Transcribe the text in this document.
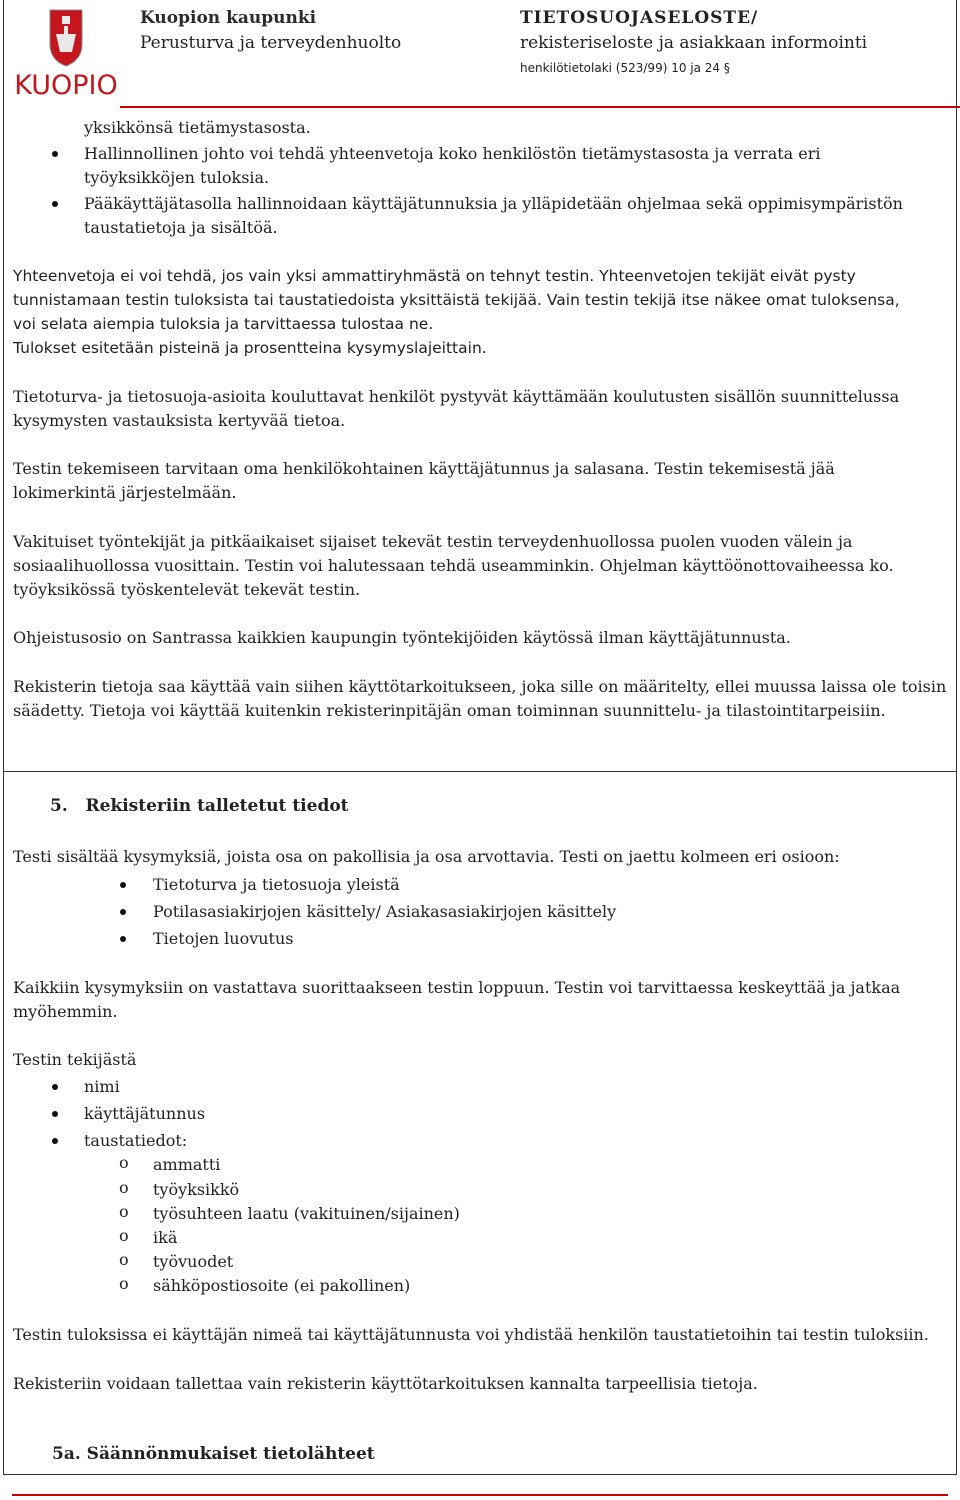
KUOPIO
Kuopion kaupunki
Perusturva ja terveydenhuolto
TIETOSUOJASELOSTE/
rekisteriseloste ja asiakkaan informointi
henkilötietolaki (523/99) 10 ja 24 §
yksikkönsä tietämystasosta.
Hallinnollinen johto voi tehdä yhteenvetoja koko henkilöstön tietämystasosta ja verrata eri
työyksikköjen tuloksia.
Pääkäyttäjätasolla hallinnoidaan käyttäjätunnuksia ja ylläpidetään ohjelmaa sekä oppimisympäristön
taustatietoja ja sisältöä.
Yhteenvetoja ei voi tehdä, jos vain yksi ammattiryhmästä on tehnyt testin. Yhteenvetojen tekijät eivät pysty
tunnistamaan testin tuloksista tai taustatiedoista yksittäistä tekijää. Vain testin tekijä itse näkee omat tuloksensa,
voi selata aiempia tuloksia ja tarvittaessa tulostaa ne.
Tulokset esitetään pisteinä ja prosentteina kysymyslajeittain.
Tietoturva- ja tietosuoja-asioita kouluttavat henkilöt pystyvät käyttämään koulutusten sisällön suunnittelussa
kysymysten vastauksista kertyvää tietoa.
Testin tekemiseen tarvitaan oma henkilökohtainen käyttäjätunnus ja salasana. Testin tekemisestä jää
lokimerkintä järjestelmään.
Vakituiset työntekijät ja pitkäaikaiset sijaiset tekevät testin terveydenhuollossa puolen vuoden välein ja
sosiaalihuollossa vuosittain. Testin voi halutessaan tehdä useamminkin. Ohjelman käyttöönottovaiheessa ko.
työyksikössä työskentelevät tekevät testin.
Ohjeistusosio on Santrassa kaikkien kaupungin työntekijöiden käytössä ilman käyttäjätunnusta.
Rekisterin tietoja saa käyttää vain siihen käyttötarkoitukseen, joka sille on määritelty, ellei muussa laissa ole toisin
säädetty. Tietoja voi käyttää kuitenkin rekisterinpitäjän oman toiminnan suunnittelu- ja tilastointitarpeisiin.
5.   Rekisteriin talletetut tiedot
Testi sisältää kysymyksiä, joista osa on pakollisia ja osa arvottavia. Testi on jaettu kolmeen eri osioon:
Tietoturva ja tietosuoja yleistä
Potilasasiakirjojen käsittely/ Asiakasasiakirjojen käsittely
Tietojen luovutus
Kaikkiin kysymyksiin on vastattava suorittaakseen testin loppuun. Testin voi tarvittaessa keskeyttää ja jatkaa
myöhemmin.
Testin tekijästä
nimi
käyttäjätunnus
taustatiedot:
o ammatti
o työyksikkö
o työsuhteen laatu (vakituinen/sijainen)
o ikä
o työvuodet
o sähköpostiosoite (ei pakollinen)
Testin tuloksissa ei käyttäjän nimeä tai käyttäjätunnusta voi yhdistää henkilön taustatietoihin tai testin tuloksiin.
Rekisteriin voidaan tallettaa vain rekisterin käyttötarkoituksen kannalta tarpeellisia tietoja.
5a. Säännönmukaiset tietolähteet
